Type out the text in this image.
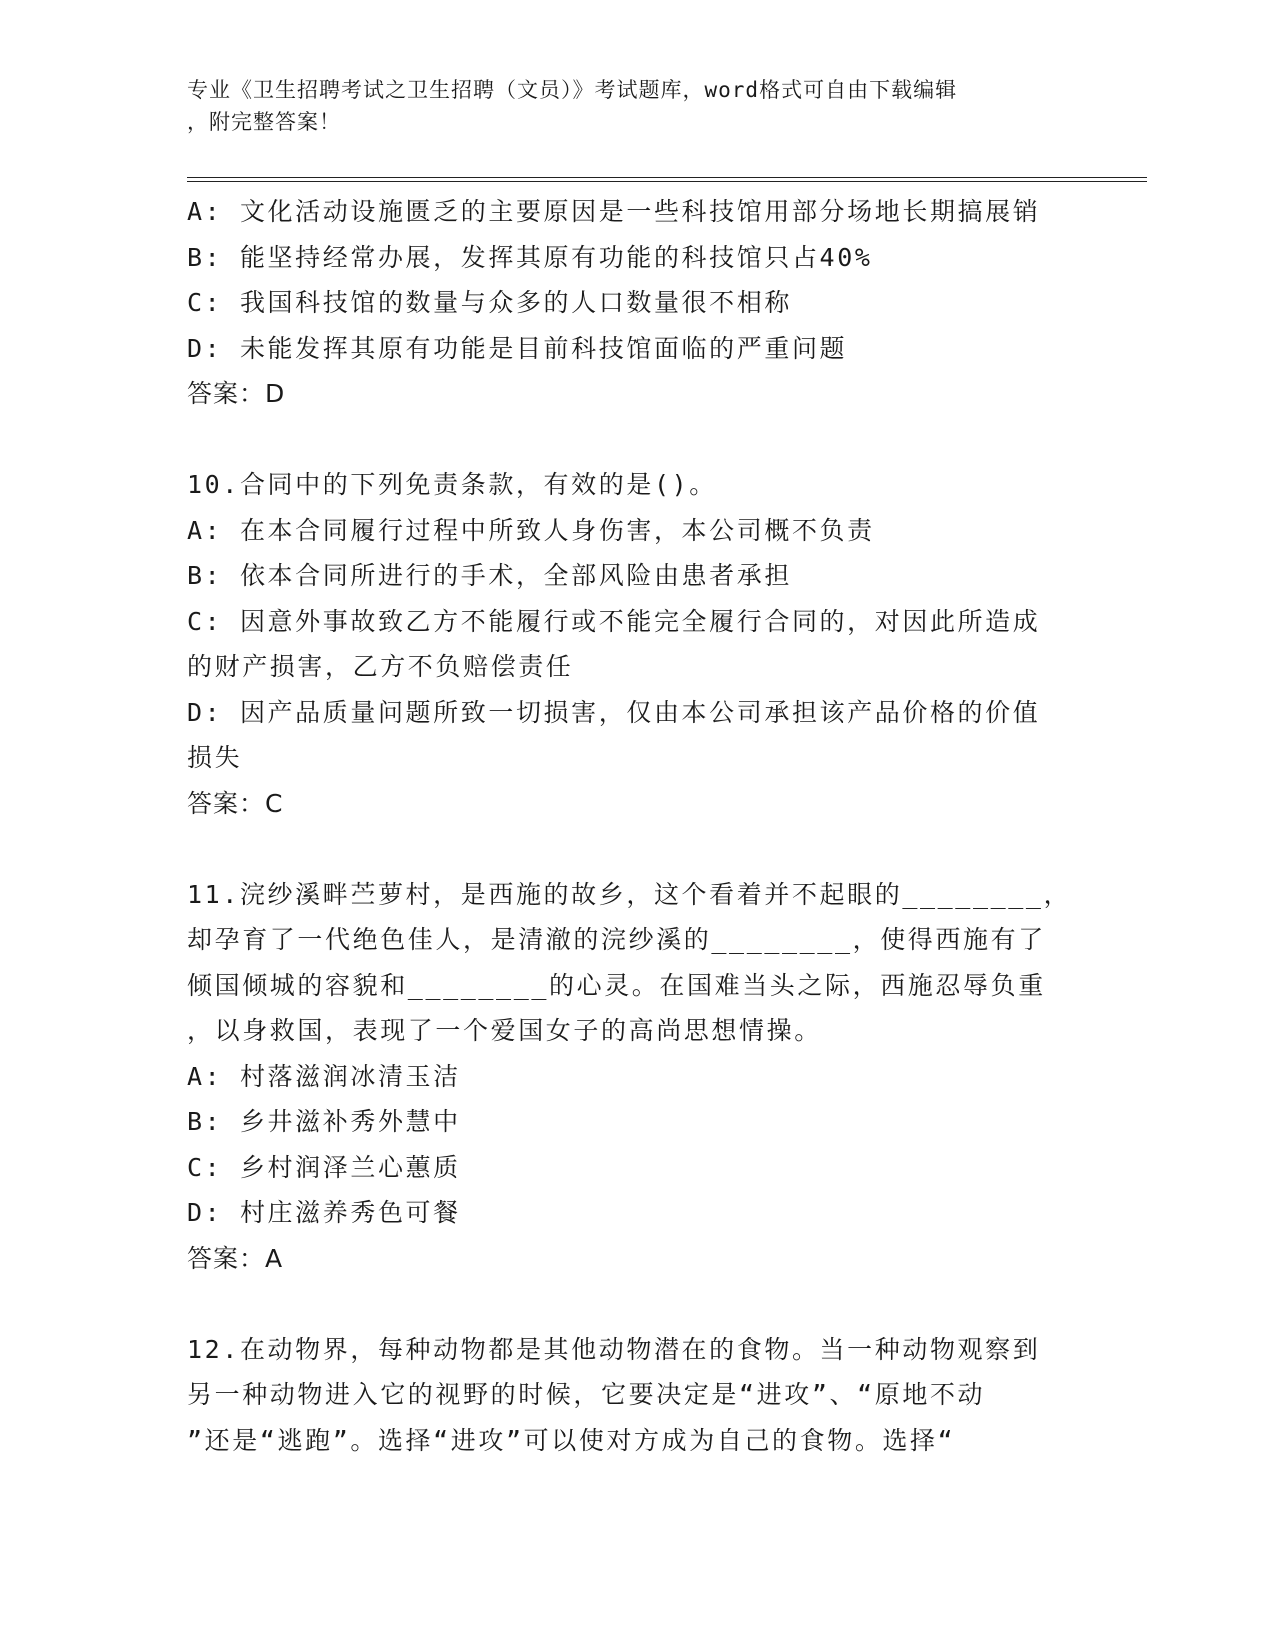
专业《卫生招聘考试之卫生招聘（文员）》考试题库，word格式可自由下载编辑
，附完整答案！
A: 文化活动设施匮乏的主要原因是一些科技馆用部分场地长期搞展销
B: 能坚持经常办展，发挥其原有功能的科技馆只占40%
C: 我国科技馆的数量与众多的人口数量很不相称
D: 未能发挥其原有功能是目前科技馆面临的严重问题
答案：D
10.合同中的下列免责条款，有效的是()。
A: 在本合同履行过程中所致人身伤害，本公司概不负责
B: 依本合同所进行的手术，全部风险由患者承担
C: 因意外事故致乙方不能履行或不能完全履行合同的，对因此所造成
的财产损害，乙方不负赔偿责任
D: 因产品质量问题所致一切损害，仅由本公司承担该产品价格的价值
损失
答案：C
11.浣纱溪畔苎萝村，是西施的故乡，这个看着并不起眼的________，
却孕育了一代绝色佳人，是清澈的浣纱溪的________，使得西施有了
倾国倾城的容貌和________的心灵。在国难当头之际，西施忍辱负重
，以身救国，表现了一个爱国女子的高尚思想情操。
A: 村落滋润冰清玉洁
B: 乡井滋补秀外慧中
C: 乡村润泽兰心蕙质
D: 村庄滋养秀色可餐
答案：A
12.在动物界，每种动物都是其他动物潜在的食物。当一种动物观察到
另一种动物进入它的视野的时候，它要决定是“进攻”、“原地不动
”还是“逃跑”。选择“进攻”可以使对方成为自己的食物。选择“
